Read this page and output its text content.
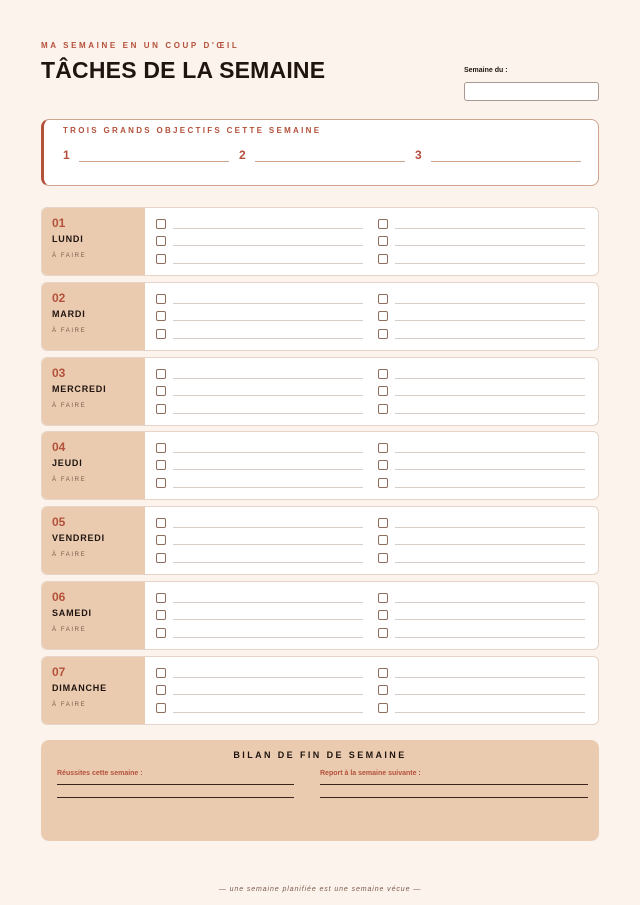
MA SEMAINE EN UN COUP D'ŒIL
TÂCHES DE LA SEMAINE	Semaine du :
TROIS GRANDS OBJECTIFS CETTE SEMAINE
1	2	3
01
LUNDI
À FAIRE
02
MARDI
À FAIRE
03
MERCREDI
À FAIRE
04
JEUDI
À FAIRE
05
VENDREDI
À FAIRE
06
SAMEDI
À FAIRE
07
DIMANCHE
À FAIRE
BILAN DE FIN DE SEMAINE
Réussites cette semaine :	Report à la semaine suivante :
— une semaine planifiée est une semaine vécue —
